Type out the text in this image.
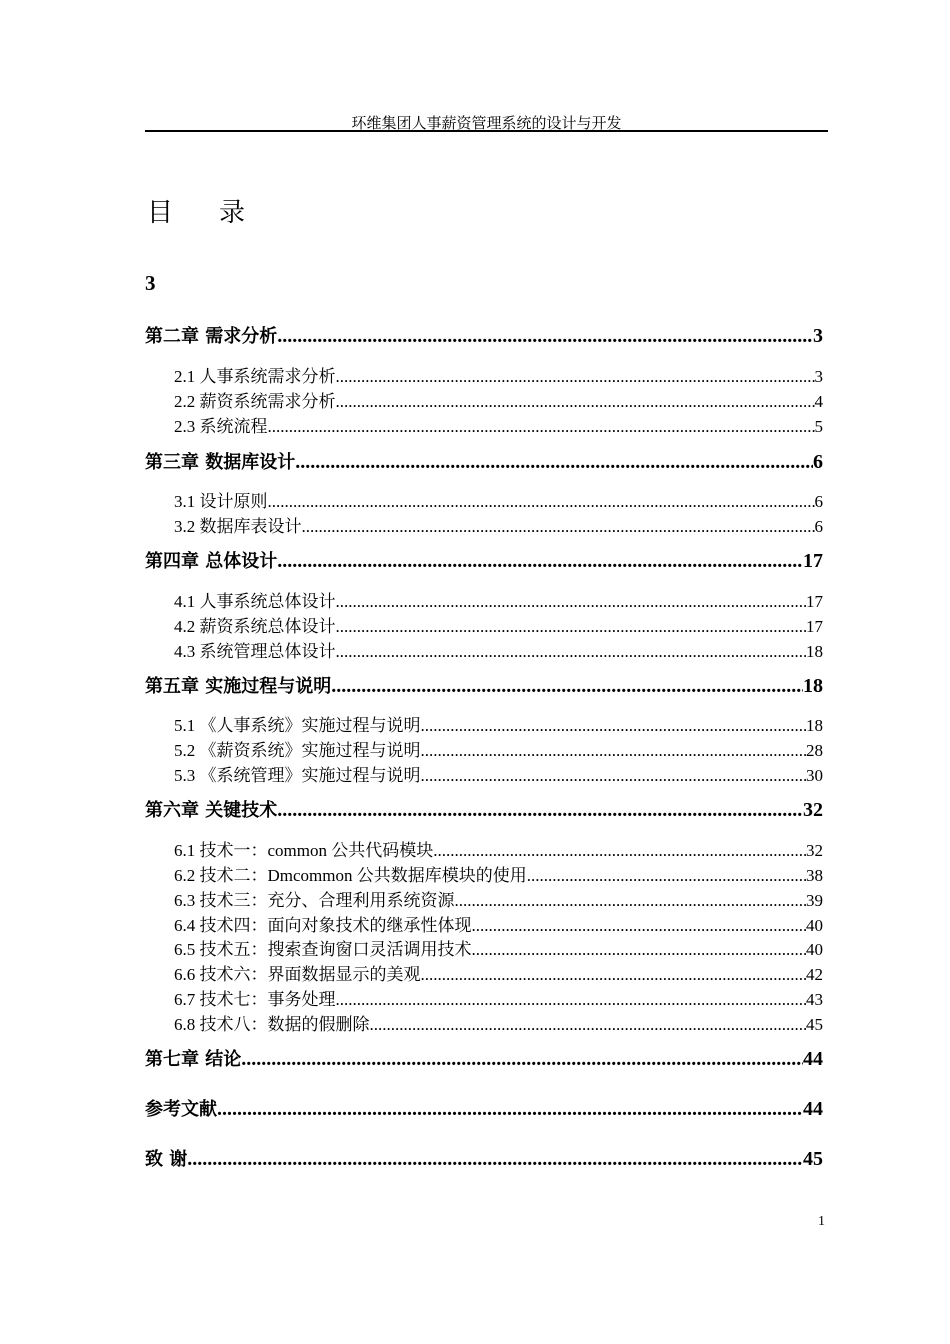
环维集团人事薪资管理系统的设计与开发
目 录
3
第二章 需求分析 .....	3
2.1 人事系统需求分析 .....	3
2.2 薪资系统需求分析 .....	4
2.3 系统流程 .....	5
第三章 数据库设计 .....	6
3.1 设计原则 .....	6
3.2 数据库表设计 .....	6
第四章 总体设计 .....	17
4.1 人事系统总体设计 .....	17
4.2 薪资系统总体设计 .....	17
4.3 系统管理总体设计 .....	18
第五章 实施过程与说明 .....	18
5.1 《人事系统》实施过程与说明 .....	18
5.2 《薪资系统》实施过程与说明 .....	28
5.3 《系统管理》实施过程与说明 .....	30
第六章 关键技术 .....	32
6.1 技术一：common 公共代码模块 .....	32
6.2 技术二：Dmcommon 公共数据库模块的使用 .....	38
6.3 技术三：充分、合理利用系统资源 .....	39
6.4 技术四：面向对象技术的继承性体现 .....	40
6.5 技术五：搜索查询窗口灵活调用技术 .....	40
6.6 技术六：界面数据显示的美观 .....	42
6.7 技术七：事务处理 .....	43
6.8 技术八：数据的假删除 .....	45
第七章 结论 .....	44
参考文献 .....	44
致 谢 .....	45
1
